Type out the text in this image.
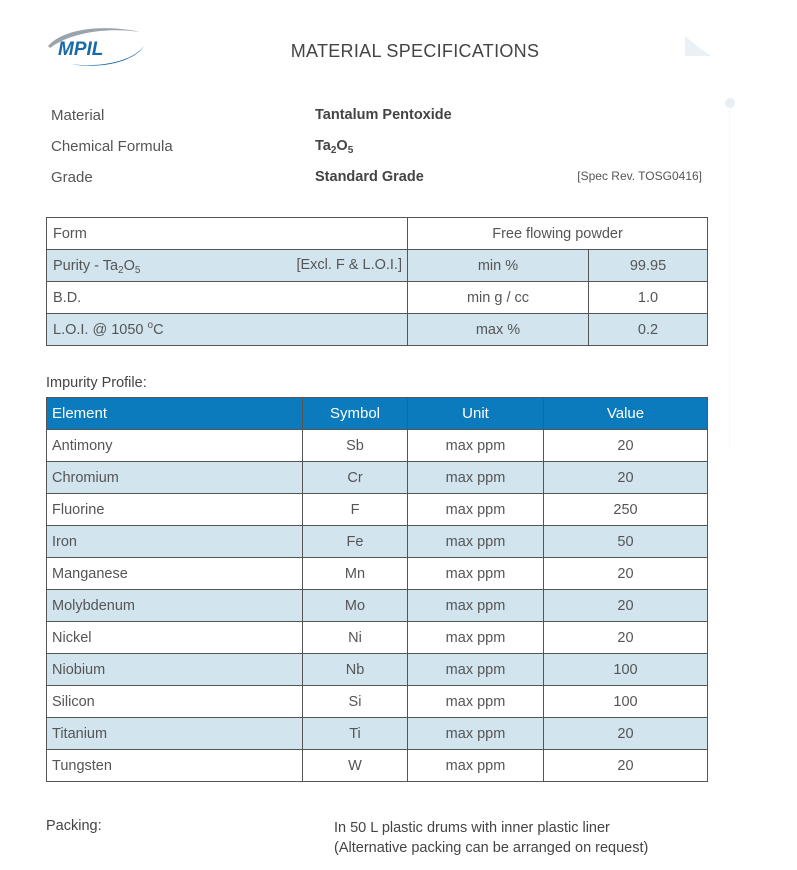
MPIL	MATERIAL SPECIFICATIONS
Material	Tantalum Pentoxide
Chemical Formula	$Ta_2O_5$
Grade	Standard Grade	[Spec Rev. TOSG0416]
Form	Free flowing powder	
Purity - $Ta_2O_5$ [Excl. F & L.O.I.]	min %	99.95
B.D.	min g / cc	1.0
L.O.I. @ 1050 $^o$C	max %	0.2
Impurity Profile:
Element	Symbol	Unit	Value
Antimony	Sb	max ppm	20
Chromium	Cr	max ppm	20
Fluorine	F	max ppm	250
Iron	Fe	max ppm	50
Manganese	Mn	max ppm	20
Molybdenum	Mo	max ppm	20
Nickel	Ni	max ppm	20
Niobium	Nb	max ppm	100
Silicon	Si	max ppm	100
Titanium	Ti	max ppm	20
Tungsten	W	max ppm	20
Packing:	In 50 L plastic drums with inner plastic liner
(Alternative packing can be arranged on request)
